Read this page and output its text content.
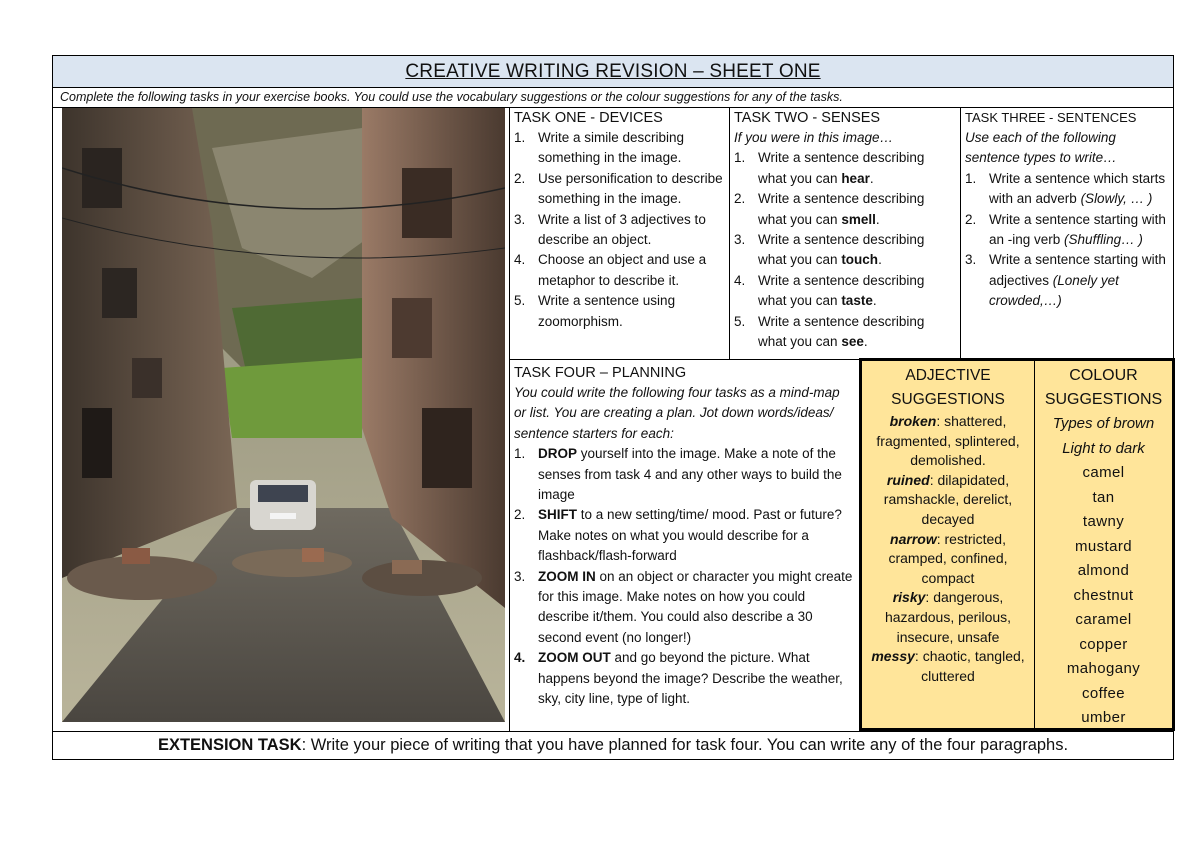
CREATIVE WRITING REVISION – SHEET ONE
Complete the following tasks in your exercise books. You could use the vocabulary suggestions or the colour suggestions for any of the tasks.
TASK ONE - DEVICES
1. Write a simile describing something in the image.
2. Use personification to describe something in the image.
3. Write a list of 3 adjectives to describe an object.
4. Choose an object and use a metaphor to describe it.
5. Write a sentence using zoomorphism.
TASK TWO - SENSES
If you were in this image…
1. Write a sentence describing what you can hear.
2. Write a sentence describing what you can smell.
3. Write a sentence describing what you can touch.
4. Write a sentence describing what you can taste.
5. Write a sentence describing what you can see.
TASK THREE - SENTENCES
Use each of the following sentence types to write…
1. Write a sentence which starts with an adverb (Slowly, … )
2. Write a sentence starting with an -ing verb (Shuffling… )
3. Write a sentence starting with adjectives (Lonely yet crowded,…)
TASK FOUR – PLANNING
You could write the following four tasks as a mind-map or list. You are creating a plan. Jot down words/ideas/ sentence starters for each:
1. DROP yourself into the image. Make a note of the senses from task 4 and any other ways to build the image
2. SHIFT to a new setting/time/ mood. Past or future? Make notes on what you would describe for a flashback/flash-forward
3. ZOOM IN on an object or character you might create for this image. Make notes on how you could describe it/them. You could also describe a 30 second event (no longer!)
4. ZOOM OUT and go beyond the picture. What happens beyond the image? Describe the weather, sky, city line, type of light.
ADJECTIVE
SUGGESTIONS
broken: shattered, fragmented, splintered, demolished.
ruined: dilapidated, ramshackle, derelict, decayed
narrow: restricted, cramped, confined, compact
risky: dangerous, hazardous, perilous, insecure, unsafe
messy: chaotic, tangled, cluttered
COLOUR
SUGGESTIONS
Types of brown
Light to dark
camel
tan
tawny
mustard
almond
chestnut
caramel
copper
mahogany
coffee
umber
EXTENSION TASK: Write your piece of writing that you have planned for task four. You can write any of the four paragraphs.
